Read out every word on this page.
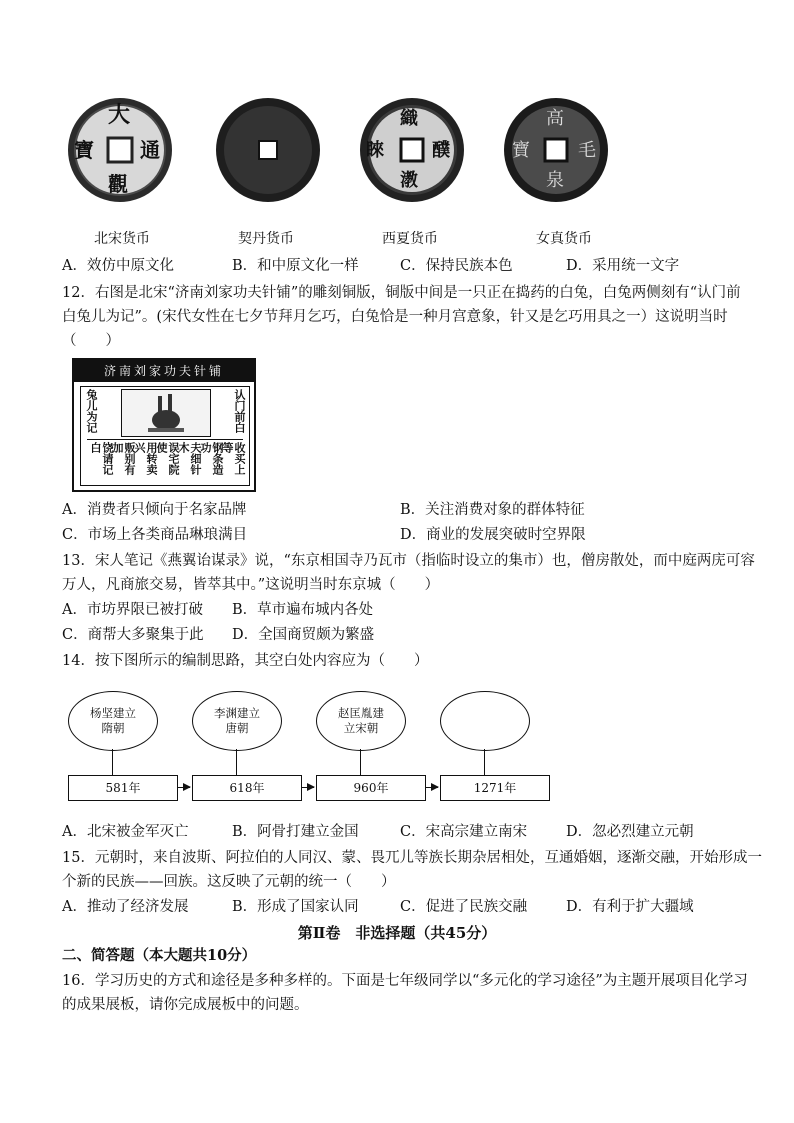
大
觀
通
寶
織
醭
漖
睞
高
毛
泉
寶
北宋货币	契丹货币	西夏货币	女真货币
A．效仿中原文化	B．和中原文化一样	C．保持民族本色	D．采用统一文字
12．右图是北宋“济南刘家功夫针铺”的雕刻铜版，铜版中间是一只正在捣药的白兔，白兔两侧刻有“认门前
白兔儿为记”。(宋代女性在七夕节拜月乞巧，白兔恰是一种月宫意象，针又是乞巧用具之一）这说明当时
（　　）
济南刘家功夫针铺
兔儿为记	认门前白
饶请记白	贩别有加	用转卖兴	误宅院使	夫细针木	钢条造功	收买上等
A．消费者只倾向于名家品牌	B．关注消费对象的群体特征
C．市场上各类商品琳琅满目	D．商业的发展突破时空界限
13．宋人笔记《燕翼诒谋录》说，“东京相国寺乃瓦市（指临时设立的集市）也，僧房散处，而中庭两庑可容
万人，凡商旅交易，皆萃其中。”这说明当时东京城（　　）
A．市坊界限已被打破 B．草市遍布城内各处
C．商帮大多聚集于此 D．全国商贸颇为繁盛
14．按下图所示的编制思路，其空白处内容应为（　　）
杨坚建立
隋朝
李渊建立
唐朝
赵匡胤建
立宋朝
581年	618年	960年	1271年
A．北宋被金军灭亡	B．阿骨打建立金国	C．宋高宗建立南宋	D．忽必烈建立元朝
15．元朝时，来自波斯、阿拉伯的人同汉、蒙、畏兀儿等族长期杂居相处，互通婚姻，逐渐交融，开始形成一
个新的民族——回族。这反映了元朝的统一（　　）
A．推动了经济发展	B．形成了国家认同	C．促进了民族交融	D．有利于扩大疆域
第Ⅱ卷　非选择题（共45分）
二、简答题（本大题共10分）
16．学习历史的方式和途径是多种多样的。下面是七年级同学以“多元化的学习途径”为主题开展项目化学习
的成果展板，请你完成展板中的问题。
